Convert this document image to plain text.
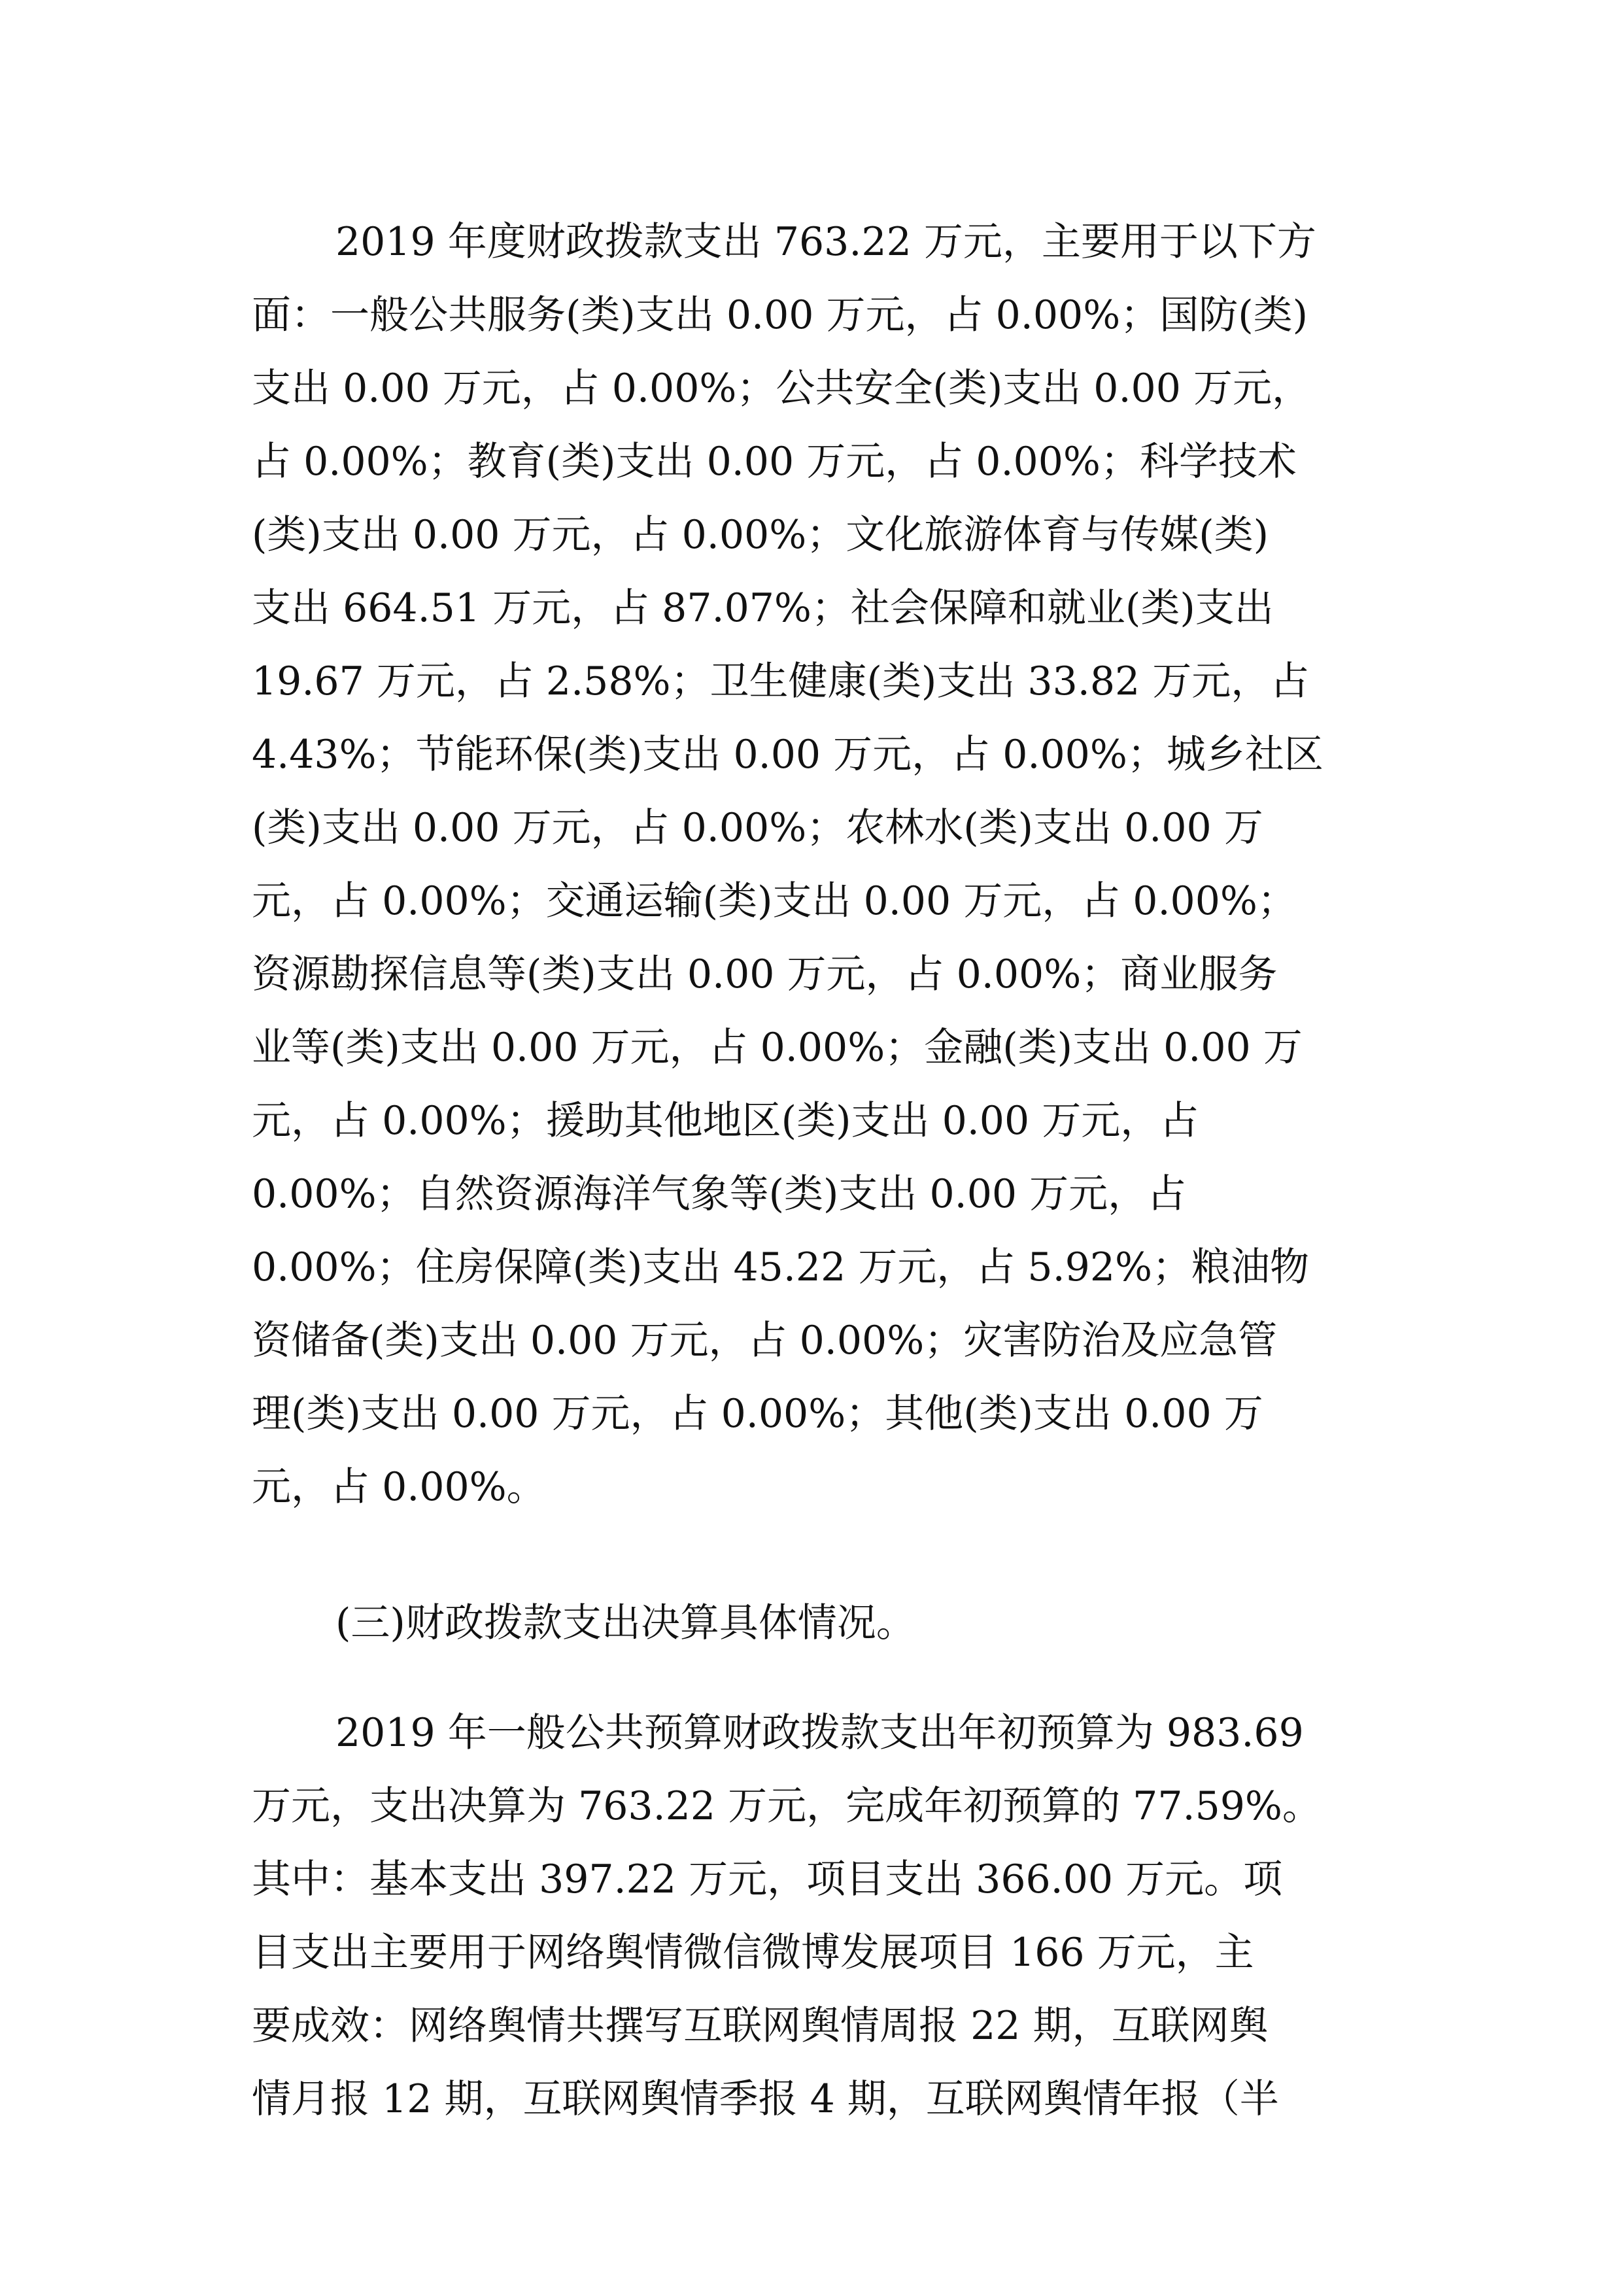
2019 年度财政拨款支出 763.22 万元，主要用于以下方
面：一般公共服务(类)支出 0.00 万元，占 0.00%；国防(类)
支出 0.00 万元，占 0.00%；公共安全(类)支出 0.00 万元，
占 0.00%；教育(类)支出 0.00 万元，占 0.00%；科学技术
(类)支出 0.00 万元，占 0.00%；文化旅游体育与传媒(类)
支出 664.51 万元，占 87.07%；社会保障和就业(类)支出
19.67 万元，占 2.58%；卫生健康(类)支出 33.82 万元，占
4.43%；节能环保(类)支出 0.00 万元，占 0.00%；城乡社区
(类)支出 0.00 万元，占 0.00%；农林水(类)支出 0.00 万
元，占 0.00%；交通运输(类)支出 0.00 万元，占 0.00%；
资源勘探信息等(类)支出 0.00 万元，占 0.00%；商业服务
业等(类)支出 0.00 万元，占 0.00%；金融(类)支出 0.00 万
元，占 0.00%；援助其他地区(类)支出 0.00 万元，占
0.00%；自然资源海洋气象等(类)支出 0.00 万元，占
0.00%；住房保障(类)支出 45.22 万元，占 5.92%；粮油物
资储备(类)支出 0.00 万元，占 0.00%；灾害防治及应急管
理(类)支出 0.00 万元，占 0.00%；其他(类)支出 0.00 万
元，占 0.00%。
(三)财政拨款支出决算具体情况。
2019 年一般公共预算财政拨款支出年初预算为 983.69
万元，支出决算为 763.22 万元，完成年初预算的 77.59%。
其中：基本支出 397.22 万元，项目支出 366.00 万元。项
目支出主要用于网络舆情微信微博发展项目 166 万元，主
要成效：网络舆情共撰写互联网舆情周报 22 期，互联网舆
情月报 12 期，互联网舆情季报 4 期，互联网舆情年报（半
